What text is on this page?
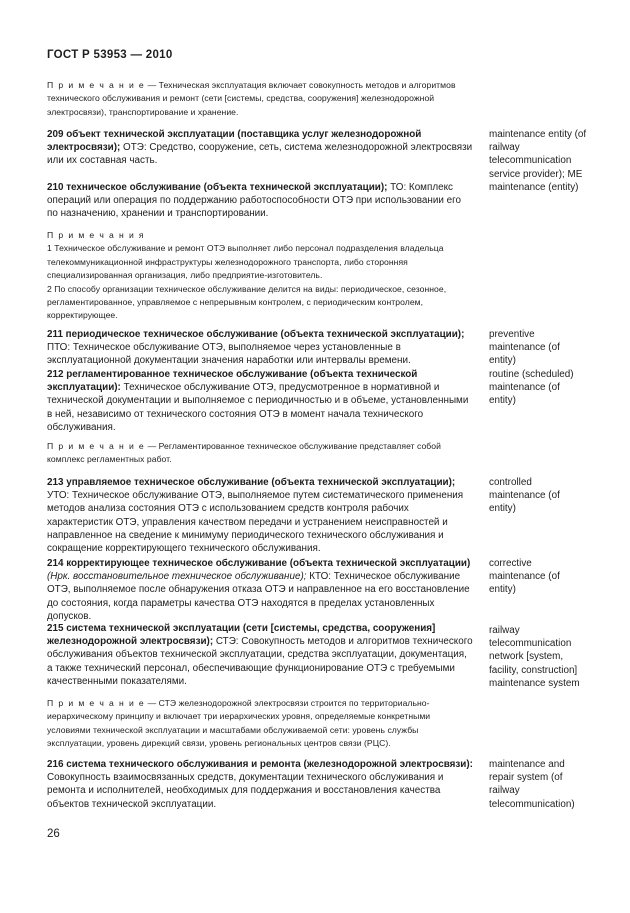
ГОСТ Р 53953 — 2010

П р и м е ч а н и е — Техническая эксплуатация включает совокупность методов и алгоритмов технического обслуживания и ремонт (сети [системы, средства, сооружения] железнодорожной электросвязи), транспортирование и хранение.

209 объект технической эксплуатации (поставщика услуг железнодорожной электросвязи); ОТЭ: Средство, сооружение, сеть, система железнодорожной электросвязи или их составная часть.

maintenance entity (of railway telecommunication service provider); ME

210 техническое обслуживание (объекта технической эксплуатации); ТО: Комплекс операций или операция по поддержанию работоспособности ОТЭ при использовании его по назначению, хранении и транспортировании.

maintenance (entity)

П р и м е ч а н и я

1 Техническое обслуживание и ремонт ОТЭ выполняет либо персонал подразделения владельца телекоммуникационной инфраструктуры железнодорожного транспорта, либо сторонняя специализированная организация, либо предприятие-изготовитель.

2 По способу организации техническое обслуживание делится на виды: периодическое, сезонное, регламентированное, управляемое с непрерывным контролем, с периодическим контролем, корректирующее.

211 периодическое техническое обслуживание (объекта технической эксплуатации); ПТО: Техническое обслуживание ОТЭ, выполняемое через установленные в эксплуатационной документации значения наработки или интервалы времени.

preventive maintenance (of entity)

212 регламентированное техническое обслуживание (объекта технической эксплуатации): Техническое обслуживание ОТЭ, предусмотренное в нормативной и технической документации и выполняемое с периодичностью и в объеме, установленными в ней, независимо от технического состояния ОТЭ в момент начала технического обслуживания.

routine (scheduled) maintenance (of entity)

П р и м е ч а н и е — Регламентированное техническое обслуживание представляет собой комплекс регламентных работ.

213 управляемое техническое обслуживание (объекта технической эксплуатации); УТО: Техническое обслуживание ОТЭ, выполняемое путем систематического применения методов анализа состояния ОТЭ с использованием средств контроля рабочих характеристик ОТЭ, управления качеством передачи и устранением неисправностей и направленное на сведение к минимуму периодического технического обслуживания и сокращение корректирующего технического обслуживания.

controlled maintenance (of entity)

214 корректирующее техническое обслуживание (объекта технической эксплуатации) (Нрк. восстановительное техническое обслуживание); КТО: Техническое обслуживание ОТЭ, выполняемое после обнаружения отказа ОТЭ и направленное на его восстановление до состояния, когда параметры качества ОТЭ находятся в пределах установленных допусков.

corrective maintenance (of entity)

215 система технической эксплуатации (сети [системы, средства, сооружения] железнодорожной электросвязи); СТЭ: Совокупность методов и алгоритмов технического обслуживания объектов технической эксплуатации, средства эксплуатации, документация, а также технический персонал, обеспечивающие функционирование ОТЭ с требуемыми качественными показателями.

railway telecommunication network [system, facility, construction] maintenance system

П р и м е ч а н и е — СТЭ железнодорожной электросвязи строится по территориально-иерархическому принципу и включает три иерархических уровня, определяемые конкретными условиями технической эксплуатации и масштабами обслуживаемой сети: уровень службы эксплуатации, уровень дирекций связи, уровень региональных центров связи (РЦС).

216 система технического обслуживания и ремонта (железнодорожной электросвязи): Совокупность взаимосвязанных средств, документации технического обслуживания и ремонта и исполнителей, необходимых для поддержания и восстановления качества объектов технической эксплуатации.

maintenance and repair system (of railway telecommunication)
26
